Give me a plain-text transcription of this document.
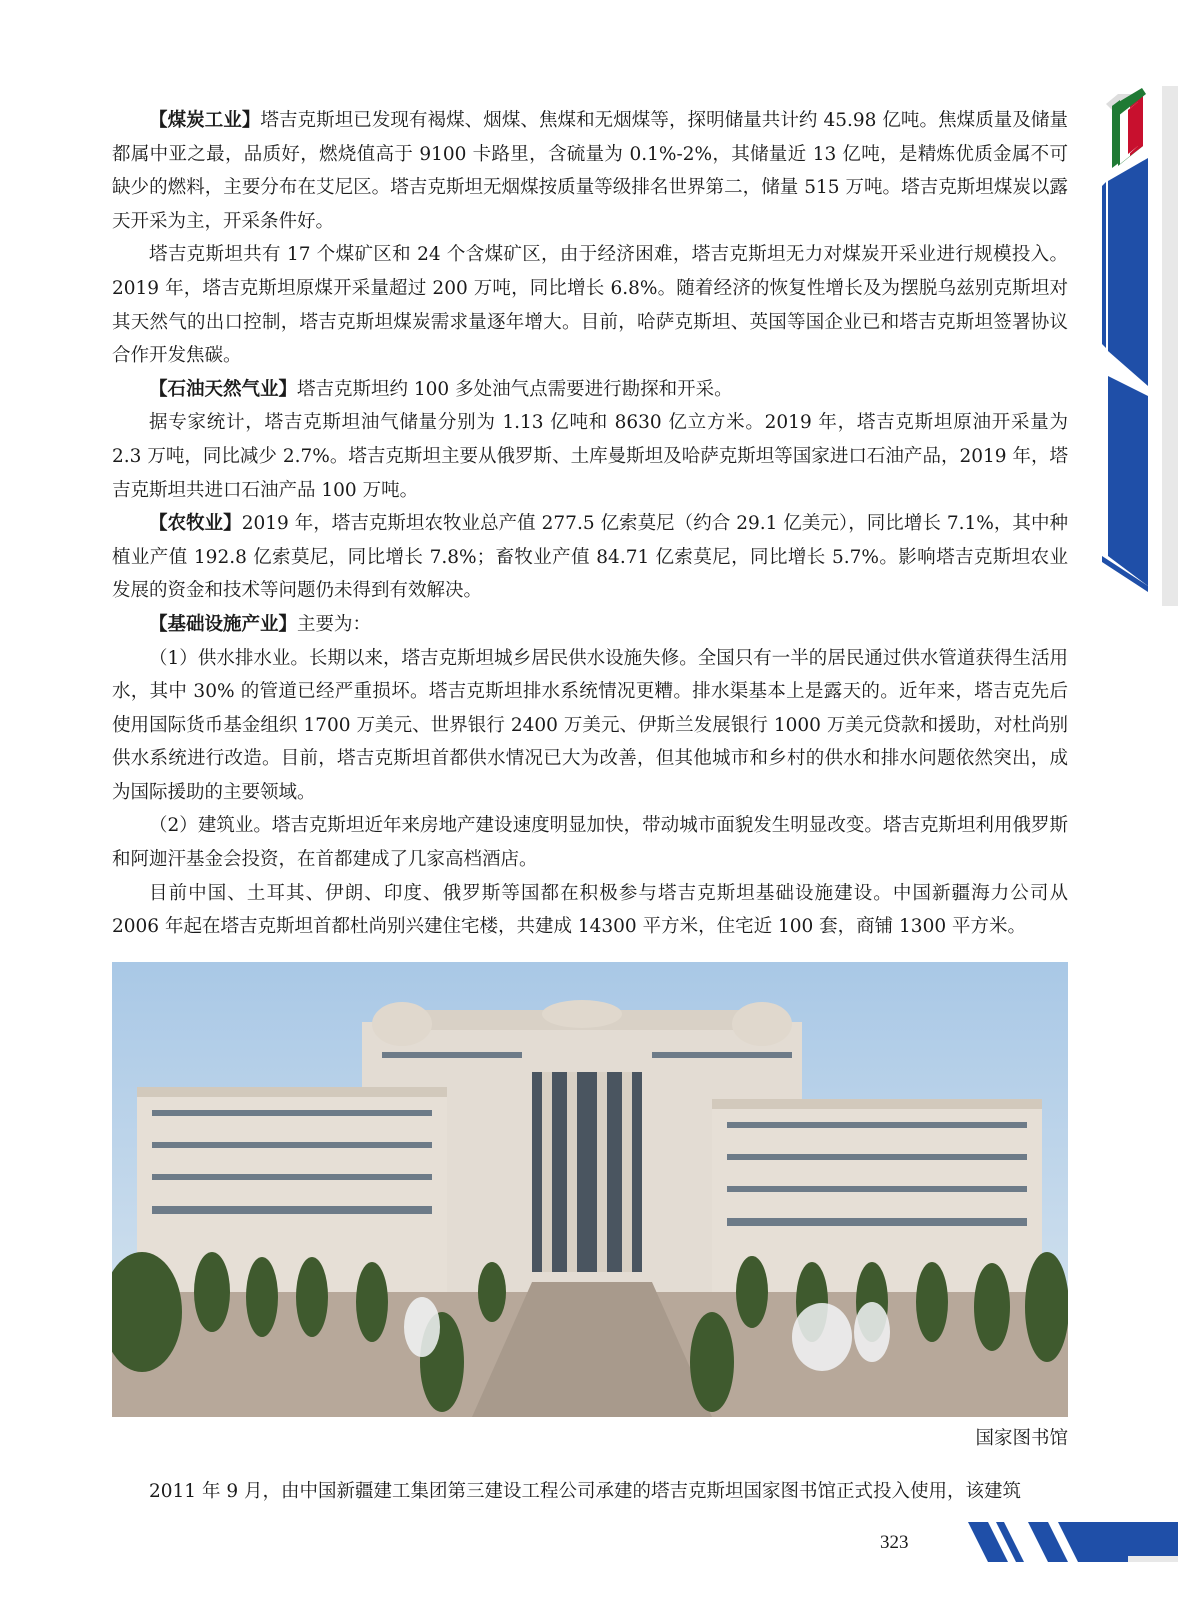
【煤炭工业】塔吉克斯坦已发现有褐煤、烟煤、焦煤和无烟煤等，探明储量共计约 45.98 亿吨。焦煤质量及储量都属中亚之最，品质好，燃烧值高于 9100 卡路里，含硫量为 0.1%-2%，其储量近 13 亿吨，是精炼优质金属不可缺少的燃料，主要分布在艾尼区。塔吉克斯坦无烟煤按质量等级排名世界第二，储量 515 万吨。塔吉克斯坦煤炭以露天开采为主，开采条件好。

塔吉克斯坦共有 17 个煤矿区和 24 个含煤矿区，由于经济困难，塔吉克斯坦无力对煤炭开采业进行规模投入。2019 年，塔吉克斯坦原煤开采量超过 200 万吨，同比增长 6.8%。随着经济的恢复性增长及为摆脱乌兹别克斯坦对其天然气的出口控制，塔吉克斯坦煤炭需求量逐年增大。目前，哈萨克斯坦、英国等国企业已和塔吉克斯坦签署协议合作开发焦碳。

【石油天然气业】塔吉克斯坦约 100 多处油气点需要进行勘探和开采。

据专家统计，塔吉克斯坦油气储量分别为 1.13 亿吨和 8630 亿立方米。2019 年，塔吉克斯坦原油开采量为 2.3 万吨，同比减少 2.7%。塔吉克斯坦主要从俄罗斯、土库曼斯坦及哈萨克斯坦等国家进口石油产品，2019 年，塔吉克斯坦共进口石油产品 100 万吨。

【农牧业】2019 年，塔吉克斯坦农牧业总产值 277.5 亿索莫尼（约合 29.1 亿美元），同比增长 7.1%，其中种植业产值 192.8 亿索莫尼，同比增长 7.8%；畜牧业产值 84.71 亿索莫尼，同比增长 5.7%。影响塔吉克斯坦农业发展的资金和技术等问题仍未得到有效解决。

【基础设施产业】主要为：

（1）供水排水业。长期以来，塔吉克斯坦城乡居民供水设施失修。全国只有一半的居民通过供水管道获得生活用水，其中 30% 的管道已经严重损坏。塔吉克斯坦排水系统情况更糟。排水渠基本上是露天的。近年来，塔吉克先后使用国际货币基金组织 1700 万美元、世界银行 2400 万美元、伊斯兰发展银行 1000 万美元贷款和援助，对杜尚别供水系统进行改造。目前，塔吉克斯坦首都供水情况已大为改善，但其他城市和乡村的供水和排水问题依然突出，成为国际援助的主要领域。

（2）建筑业。塔吉克斯坦近年来房地产建设速度明显加快，带动城市面貌发生明显改变。塔吉克斯坦利用俄罗斯和阿迦汗基金会投资，在首都建成了几家高档酒店。

目前中国、土耳其、伊朗、印度、俄罗斯等国都在积极参与塔吉克斯坦基础设施建设。中国新疆海力公司从 2006 年起在塔吉克斯坦首都杜尚别兴建住宅楼，共建成 14300 平方米，住宅近 100 套，商铺 1300 平方米。

国家图书馆

2011 年 9 月，由中国新疆建工集团第三建设工程公司承建的塔吉克斯坦国家图书馆正式投入使用，该建筑

323
